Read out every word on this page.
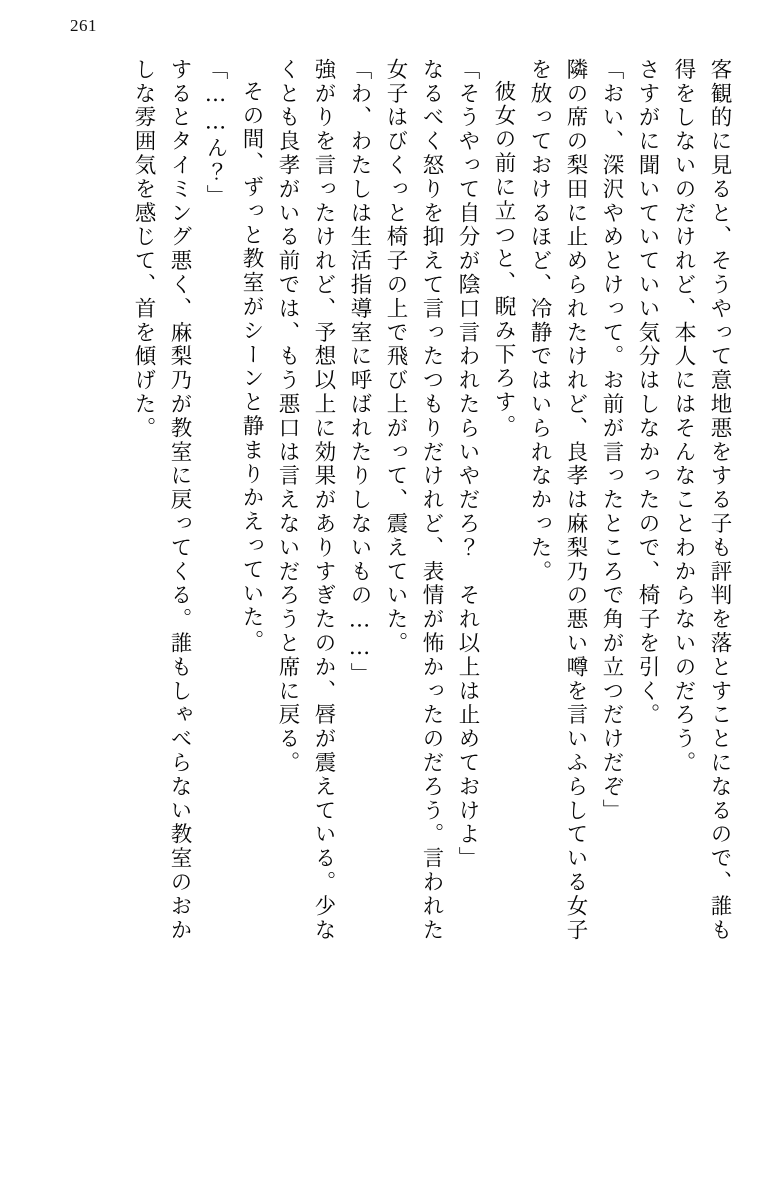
261
客観的に見ると、そうやって意地悪をする子も評判を落とすことになるので、誰も
得をしないのだけれど、本人にはそんなことわからないのだろう。
さすがに聞いていていい気分はしなかったので、椅子を引く。
「おい、深沢やめとけって。お前が言ったところで角が立つだけだぞ」
隣の席の梨田に止められたけれど、良孝は麻梨乃の悪い噂を言いふらしている女子
を放っておけるほど、冷静ではいられなかった。
彼女の前に立つと、睨み下ろす。
「そうやって自分が陰口言われたらいやだろ？　それ以上は止めておけよ」
なるべく怒りを抑えて言ったつもりだけれど、表情が怖かったのだろう。言われた
女子はびくっと椅子の上で飛び上がって、震えていた。
「わ、わたしは生活指導室に呼ばれたりしないもの……」
強がりを言ったけれど、予想以上に効果がありすぎたのか、唇が震えている。少な
くとも良孝がいる前では、もう悪口は言えないだろうと席に戻る。
その間、ずっと教室がシーンと静まりかえっていた。
「……ん？」
するとタイミング悪く、麻梨乃が教室に戻ってくる。誰もしゃべらない教室のおか
しな雰囲気を感じて、首を傾げた。
